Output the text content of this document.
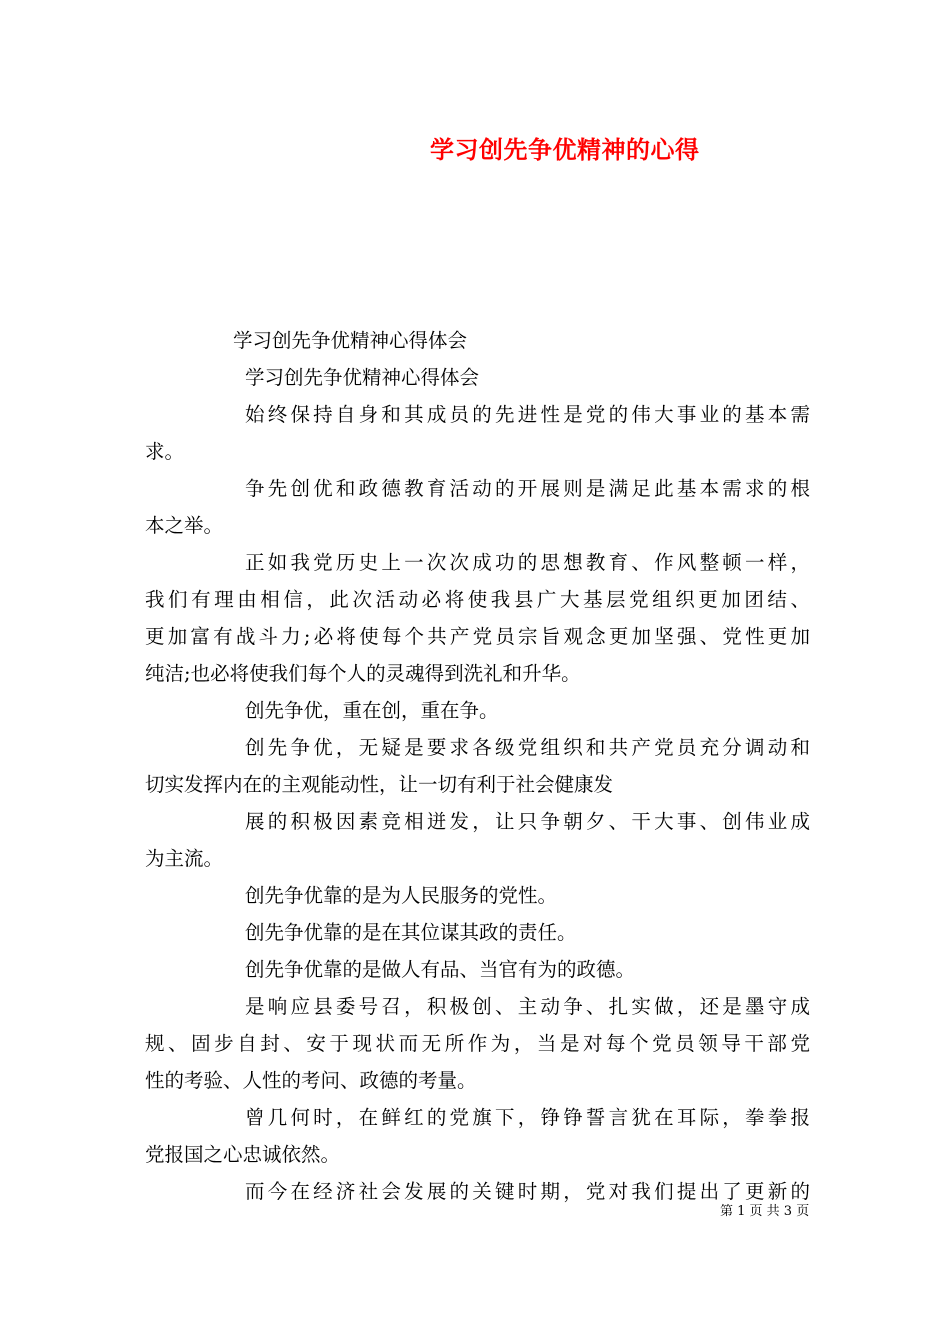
学习创先争优精神的心得
学习创先争优精神心得体会
学习创先争优精神心得体会
始终保持自身和其成员的先进性是党的伟大事业的基本需
求。
争先创优和政德教育活动的开展则是满足此基本需求的根
本之举。
正如我党历史上一次次成功的思想教育、作风整顿一样，
我们有理由相信，此次活动必将使我县广大基层党组织更加团结、
更加富有战斗力;必将使每个共产党员宗旨观念更加坚强、党性更加
纯洁;也必将使我们每个人的灵魂得到洗礼和升华。
创先争优，重在创，重在争。
创先争优，无疑是要求各级党组织和共产党员充分调动和
切实发挥内在的主观能动性，让一切有利于社会健康发
展的积极因素竞相迸发，让只争朝夕、干大事、创伟业成
为主流。
创先争优靠的是为人民服务的党性。
创先争优靠的是在其位谋其政的责任。
创先争优靠的是做人有品、当官有为的政德。
是响应县委号召，积极创、主动争、扎实做，还是墨守成
规、固步自封、安于现状而无所作为，当是对每个党员领导干部党
性的考验、人性的考问、政德的考量。
曾几何时，在鲜红的党旗下，铮铮誓言犹在耳际，拳拳报
党报国之心忠诚依然。
而今在经济社会发展的关键时期，党对我们提出了更新的
第 1 页 共 3 页
